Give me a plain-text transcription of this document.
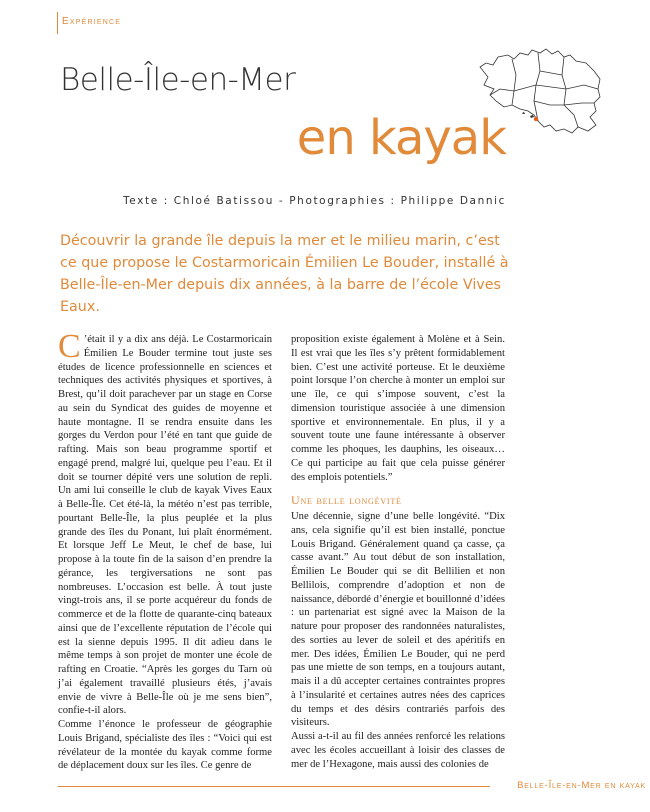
Expérience
Belle-Île-en-Mer
en kayak
Texte : Chloé Batissou - Photographies : Philippe Dannic
Découvrir la grande île depuis la mer et le milieu marin, c’est ce que propose le Costarmoricain Émilien Le Bouder, installé à Belle-Île-en-Mer depuis dix années, à la barre de l’école Vives Eaux.

C ’était il y a dix ans déjà. Le Costarmoricain Émilien Le Bouder termine tout juste ses études de licence professionnelle en sciences et techniques des activités physiques et sportives, à Brest, qu’il doit parachever par un stage en Corse au sein du Syndicat des guides de moyenne et haute montagne. Il se rendra ensuite dans les gorges du Verdon pour l’été en tant que guide de rafting. Mais son beau programme sportif et engagé prend, malgré lui, quelque peu l’eau. Et il doit se tourner dépité vers une solution de repli. Un ami lui conseille le club de kayak Vives Eaux à Belle-Île. Cet été-là, la météo n’est pas terrible, pourtant Belle-Île, la plus peuplée et la plus grande des îles du Ponant, lui plaît énormément. Et lorsque Jeff Le Meut, le chef de base, lui propose à la toute fin de la saison d’en prendre la gérance, les tergiversations ne sont pas nombreuses. L’occasion est belle. À tout juste vingt-trois ans, il se porte acquéreur du fonds de commerce et de la flotte de quarante-cinq bateaux ainsi que de l’excellente réputation de l’école qui est la sienne depuis 1995. Il dit adieu dans le même temps à son projet de monter une école de rafting en Croatie. “Après les gorges du Tarn où j’ai également travaillé plusieurs étés, j’avais envie de vivre à Belle-Île où je me sens bien”, confie-t-il alors.

Comme l’énonce le professeur de géographie Louis Brigand, spécialiste des îles : “Voici qui est révélateur de la montée du kayak comme forme de déplacement doux sur les îles. Ce genre de

proposition existe également à Molène et à Sein. Il est vrai que les îles s’y prêtent formidablement bien. C’est une activité porteuse. Et le deuxième point lorsque l’on cherche à monter un emploi sur une île, ce qui s’impose souvent, c’est la dimension touristique associée à une dimension sportive et environnementale. En plus, il y a souvent toute une faune intéressante à observer comme les phoques, les dauphins, les oiseaux… Ce qui participe au fait que cela puisse générer des emplois potentiels.”

Une belle longévité

Une décennie, signe d’une belle longévité. “Dix ans, cela signifie qu’il est bien installé, ponctue Louis Brigand. Généralement quand ça casse, ça casse avant.” Au tout début de son installation, Émilien Le Bouder qui se dit Bellilien et non Bellilois, comprendre d’adoption et non de naissance, débordé d’énergie et bouillonné d’idées : un partenariat est signé avec la Maison de la nature pour proposer des randonnées naturalistes, des sorties au lever de soleil et des apéritifs en mer. Des idées, Émilien Le Bouder, qui ne perd pas une miette de son temps, en a toujours autant, mais il a dû accepter certaines contraintes propres à l’insularité et certaines autres nées des caprices du temps et des désirs contrariés parfois des visiteurs.

Aussi a-t-il au fil des années renforcé les relations avec les écoles accueillant à loisir des classes de mer de l’Hexagone, mais aussi des colonies de

Belle-Île-en-Mer en kayak
